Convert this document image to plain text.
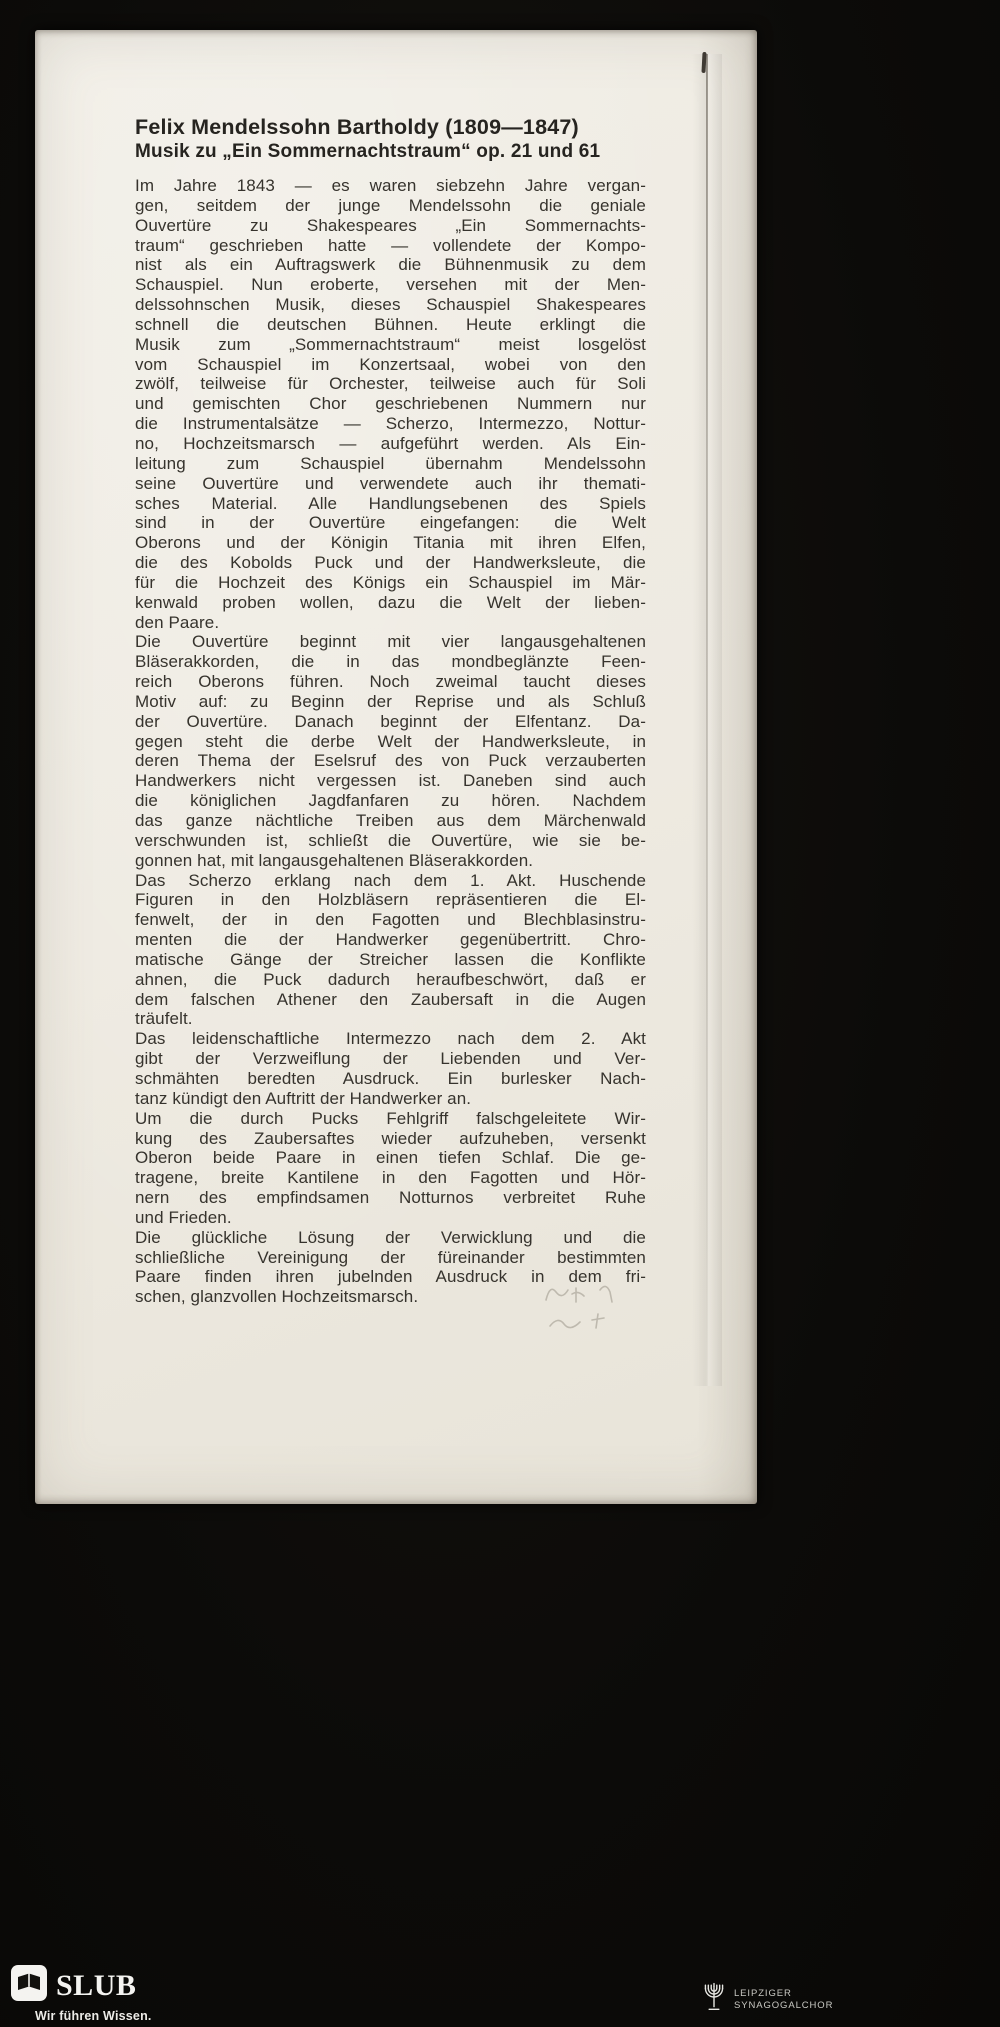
Felix Mendelssohn Bartholdy (1809—1847)
Musik zu „Ein Sommernachtstraum“ op. 21 und 61
Im Jahre 1843 — es waren siebzehn Jahre vergan-
gen, seitdem der junge Mendelssohn die geniale
Ouvertüre zu Shakespeares „Ein Sommernachts-
traum“ geschrieben hatte — vollendete der Kompo-
nist als ein Auftragswerk die Bühnenmusik zu dem
Schauspiel. Nun eroberte, versehen mit der Men-
delssohnschen Musik, dieses Schauspiel Shakespeares
schnell die deutschen Bühnen. Heute erklingt die
Musik zum „Sommernachtstraum“ meist losgelöst
vom Schauspiel im Konzertsaal, wobei von den
zwölf, teilweise für Orchester, teilweise auch für Soli
und gemischten Chor geschriebenen Nummern nur
die Instrumentalsätze — Scherzo, Intermezzo, Nottur-
no, Hochzeitsmarsch — aufgeführt werden. Als Ein-
leitung zum Schauspiel übernahm Mendelssohn
seine Ouvertüre und verwendete auch ihr themati-
sches Material. Alle Handlungsebenen des Spiels
sind in der Ouvertüre eingefangen: die Welt
Oberons und der Königin Titania mit ihren Elfen,
die des Kobolds Puck und der Handwerksleute, die
für die Hochzeit des Königs ein Schauspiel im Mär-
kenwald proben wollen, dazu die Welt der lieben-
den Paare.
Die Ouvertüre beginnt mit vier langausgehaltenen
Bläserakkorden, die in das mondbeglänzte Feen-
reich Oberons führen. Noch zweimal taucht dieses
Motiv auf: zu Beginn der Reprise und als Schluß
der Ouvertüre. Danach beginnt der Elfentanz. Da-
gegen steht die derbe Welt der Handwerksleute, in
deren Thema der Eselsruf des von Puck verzauberten
Handwerkers nicht vergessen ist. Daneben sind auch
die königlichen Jagdfanfaren zu hören. Nachdem
das ganze nächtliche Treiben aus dem Märchenwald
verschwunden ist, schließt die Ouvertüre, wie sie be-
gonnen hat, mit langausgehaltenen Bläserakkorden.
Das Scherzo erklang nach dem 1. Akt. Huschende
Figuren in den Holzbläsern repräsentieren die El-
fenwelt, der in den Fagotten und Blechblasinstru-
menten die der Handwerker gegenübertritt. Chro-
matische Gänge der Streicher lassen die Konflikte
ahnen, die Puck dadurch heraufbeschwört, daß er
dem falschen Athener den Zaubersaft in die Augen
träufelt.
Das leidenschaftliche Intermezzo nach dem 2. Akt
gibt der Verzweiflung der Liebenden und Ver-
schmähten beredten Ausdruck. Ein burlesker Nach-
tanz kündigt den Auftritt der Handwerker an.
Um die durch Pucks Fehlgriff falschgeleitete Wir-
kung des Zaubersaftes wieder aufzuheben, versenkt
Oberon beide Paare in einen tiefen Schlaf. Die ge-
tragene, breite Kantilene in den Fagotten und Hör-
nern des empfindsamen Notturnos verbreitet Ruhe
und Frieden.
Die glückliche Lösung der Verwicklung und die
schließliche Vereinigung der füreinander bestimmten
Paare finden ihren jubelnden Ausdruck in dem fri-
schen, glanzvollen Hochzeitsmarsch.
SLUB
Wir führen Wissen.
LEIPZIGER
SYNAGOGALCHOR
